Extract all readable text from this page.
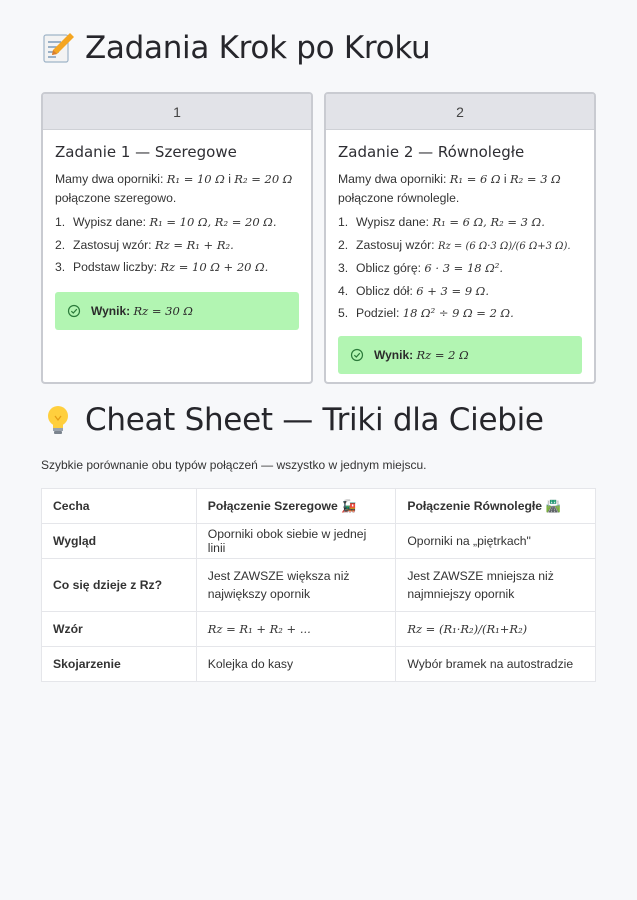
Zadania Krok po Kroku
1
Zadanie 1 — Szeregowe
Mamy dwa oporniki: R₁ = 10 Ω i R₂ = 20 Ω połączone szeregowo.
1. Wypisz dane: R₁ = 10 Ω, R₂ = 20 Ω.
2. Zastosuj wzór: Rz = R₁ + R₂.
3. Podstaw liczby: Rz = 10 Ω + 20 Ω.
Wynik: Rz = 30 Ω
2
Zadanie 2 — Równoległe
Mamy dwa oporniki: R₁ = 6 Ω i R₂ = 3 Ω połączone równolegle.
1. Wypisz dane: R₁ = 6 Ω, R₂ = 3 Ω.
2. Zastosuj wzór: Rz = (6 Ω·3 Ω)/(6 Ω+3 Ω).
3. Oblicz górę: 6 · 3 = 18 Ω².
4. Oblicz dół: 6 + 3 = 9 Ω.
5. Podziel: 18 Ω² ÷ 9 Ω = 2 Ω.
Wynik: Rz = 2 Ω
Cheat Sheet — Triki dla Ciebie
Szybkie porównanie obu typów połączeń — wszystko w jednym miejscu.
Cecha	Połączenie Szeregowe 🚂	Połączenie Równoległe 🛣️
Wygląd	Oporniki obok siebie w jednej linii	Oporniki na „piętrkach"
Co się dzieje z Rz?	Jest ZAWSZE większa niż największy opornik	Jest ZAWSZE mniejsza niż najmniejszy opornik
Wzór	Rz = R₁ + R₂ + ...	Rz = (R₁·R₂)/(R₁+R₂)
Skojarzenie	Kolejka do kasy	Wybór bramek na autostradzie
